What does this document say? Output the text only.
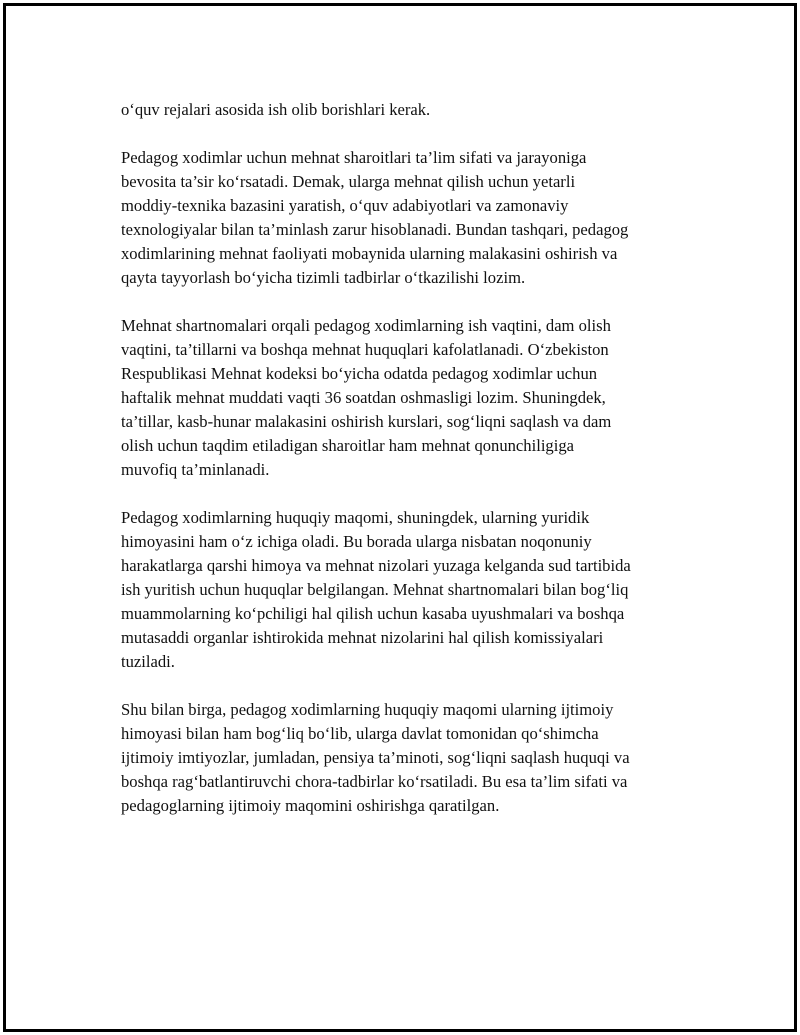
o‘quv rejalari asosida ish olib borishlari kerak.

Pedagog xodimlar uchun mehnat sharoitlari ta’lim sifati va jarayoniga
bevosita ta’sir ko‘rsatadi. Demak, ularga mehnat qilish uchun yetarli
moddiy-texnika bazasini yaratish, o‘quv adabiyotlari va zamonaviy
texnologiyalar bilan ta’minlash zarur hisoblanadi. Bundan tashqari, pedagog
xodimlarining mehnat faoliyati mobaynida ularning malakasini oshirish va
qayta tayyorlash bo‘yicha tizimli tadbirlar o‘tkazilishi lozim.

Mehnat shartnomalari orqali pedagog xodimlarning ish vaqtini, dam olish
vaqtini, ta’tillarni va boshqa mehnat huquqlari kafolatlanadi. O‘zbekiston
Respublikasi Mehnat kodeksi bo‘yicha odatda pedagog xodimlar uchun
haftalik mehnat muddati vaqti 36 soatdan oshmasligi lozim. Shuningdek,
ta’tillar, kasb-hunar malakasini oshirish kurslari, sog‘liqni saqlash va dam
olish uchun taqdim etiladigan sharoitlar ham mehnat qonunchiligiga
muvofiq ta’minlanadi.

Pedagog xodimlarning huquqiy maqomi, shuningdek, ularning yuridik
himoyasini ham o‘z ichiga oladi. Bu borada ularga nisbatan noqonuniy
harakatlarga qarshi himoya va mehnat nizolari yuzaga kelganda sud tartibida
ish yuritish uchun huquqlar belgilangan. Mehnat shartnomalari bilan bog‘liq
muammolarning ko‘pchiligi hal qilish uchun kasaba uyushmalari va boshqa
mutasaddi organlar ishtirokida mehnat nizolarini hal qilish komissiyalari
tuziladi.

Shu bilan birga, pedagog xodimlarning huquqiy maqomi ularning ijtimoiy
himoyasi bilan ham bog‘liq bo‘lib, ularga davlat tomonidan qo‘shimcha
ijtimoiy imtiyozlar, jumladan, pensiya ta’minoti, sog‘liqni saqlash huquqi va
boshqa rag‘batlantiruvchi chora-tadbirlar ko‘rsatiladi. Bu esa ta’lim sifati va
pedagoglarning ijtimoiy maqomini oshirishga qaratilgan.
